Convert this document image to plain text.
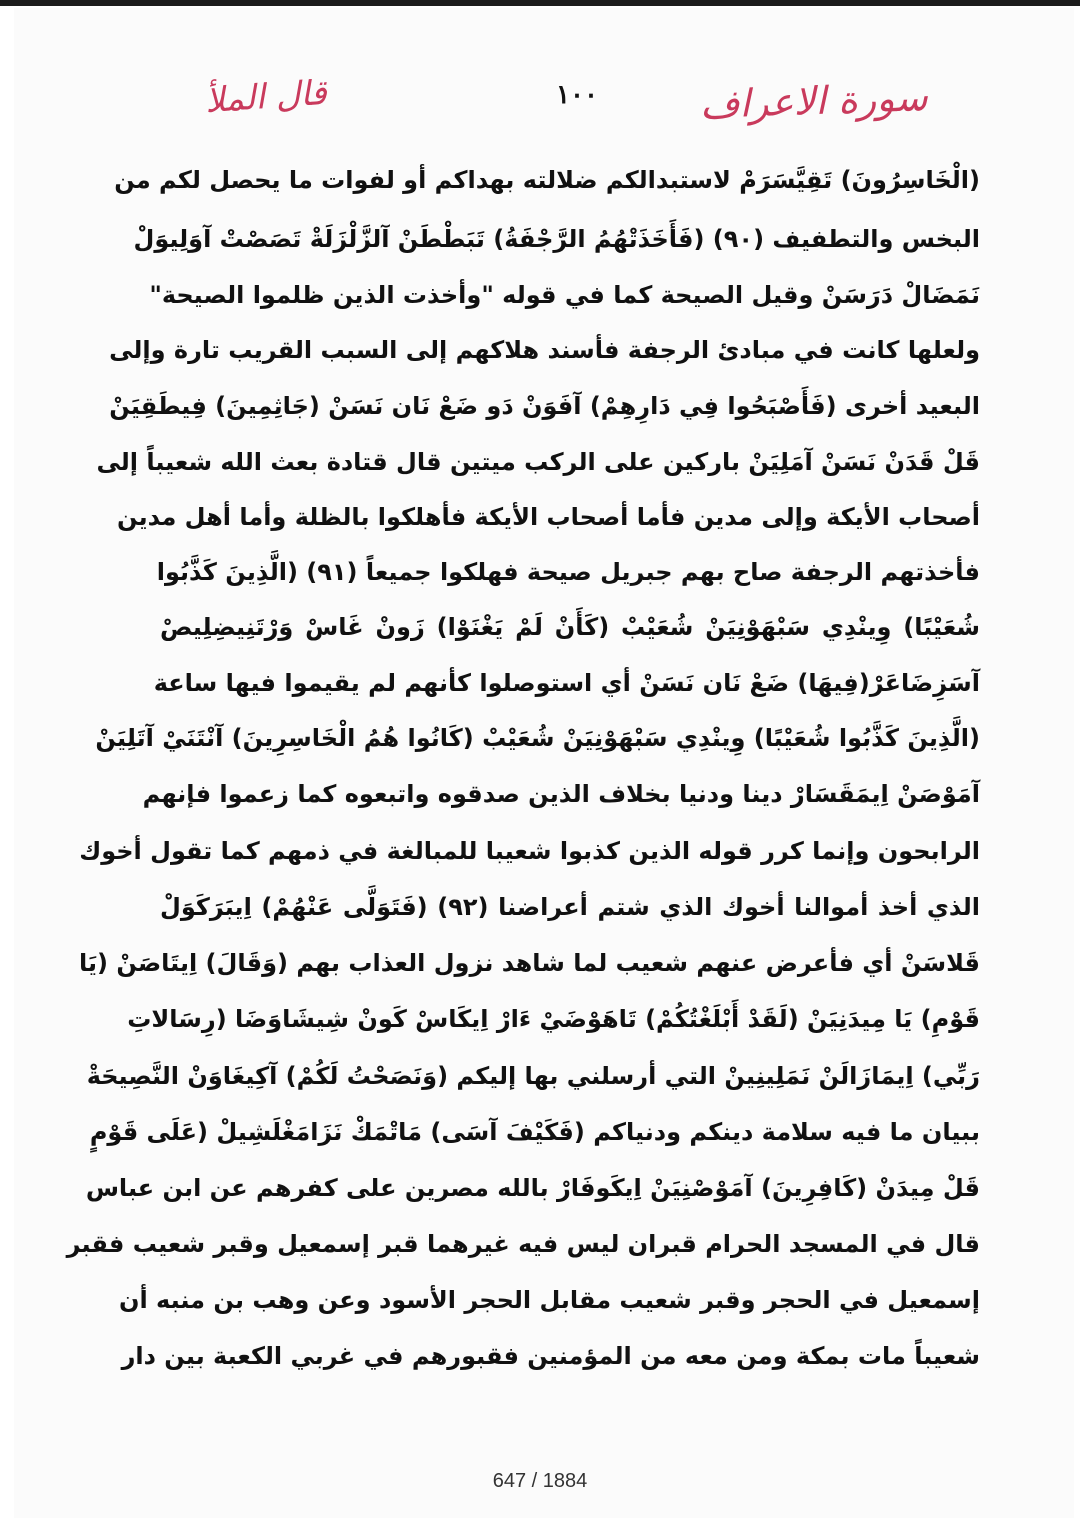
قال الملأ	١٠٠	سورة الاعراف
(الْخَاسِرُونَ) تَقِيَّسَرَمْ لاستبدالكم ضلالته بهداكم أو لفوات ما يحصل لكم من
البخس والتطفيف (٩٠) (فَأَخَذَتْهُمُ الرَّجْفَةُ) تَبَطْطَنْ آلزَّلْزَلَةْ تَصَصْتْ آوَلِيوَلْ
نَمَضَالْ دَرَسَنْ وقيل الصيحة كما في قوله "وأخذت الذين ظلموا الصيحة"
ولعلها كانت في مبادئ الرجفة فأسند هلاكهم إلى السبب القريب تارة وإلى
البعيد أخرى (فَأَصْبَحُوا فِي دَارِهِمْ) آفَوَنْ دَو ضَعْ نَان نَسَنْ (جَاثِمِينَ) فِيطَقِيَنْ
قَلْ قَدَنْ نَسَنْ آمَلِيَنْ باركين على الركب ميتين قال قتادة بعث الله شعيباً إلى
أصحاب الأيكة وإلى مدين فأما أصحاب الأيكة فأهلكوا بالظلة وأما أهل مدين
فأخذتهم الرجفة صاح بهم جبريل صيحة فهلكوا جميعاً (٩١) (الَّذِينَ كَذَّبُوا
شُعَيْبًا) وِينْدِي سَبْهَوْنِيَنْ شُعَيْبْ (كَأَنْ لَمْ يَغْنَوْا) زَونْ غَاسْ وَرْتَنِيضِلِيصْ
آسَزِضَاعَرْ(فِيهَا) ضَعْ نَان نَسَنْ أي استوصلوا كأنهم لم يقيموا فيها ساعة
(الَّذِينَ كَذَّبُوا شُعَيْبًا) وِينْدِي سَبْهَوْنِيَنْ شُعَيْبْ (كَانُوا هُمُ الْخَاسِرِينَ) آنْتَنَيْ آتَلِيَنْ
آمَوْصَنْ اِيمَقَسَارْ دينا ودنيا بخلاف الذين صدقوه واتبعوه كما زعموا فإنهم
الرابحون وإنما كرر قوله الذين كذبوا شعيبا للمبالغة في ذمهم كما تقول أخوك
الذي أخذ أموالنا أخوك الذي شتم أعراضنا (٩٢) (فَتَوَلَّى عَنْهُمْ) اِيبَرَكَوَلْ
قَلاسَنْ أي فأعرض عنهم شعيب لما شاهد نزول العذاب بهم (وَقَالَ) اِيتَاصَنْ (يَا
قَوْمِ) يَا مِيدَنِيَنْ (لَقَدْ أَبْلَغْتُكُمْ) تَاهَوْضَيْ ءَارْ اِيكَاسْ كَونْ شِيشَاوَضَا (رِسَالاتِ
رَبِّي) اِيمَازَالَنْ نَمَلِينِينْ التي أرسلني بها إليكم (وَنَصَحْتُ لَكُمْ) آكِيغَاوَنْ النَّصِيحَةْ
ببيان ما فيه سلامة دينكم ودنياكم (فَكَيْفَ آسَى) مَاتْمَكْ نَزَامَغْلَشِيلْ (عَلَى قَوْمٍ
قَلْ مِيدَنْ (كَافِرِينَ) آمَوْصْنِيَنْ اِيكَوفَارْ بالله مصرين على كفرهم عن ابن عباس
قال في المسجد الحرام قبران ليس فيه غيرهما قبر إسمعيل وقبر شعيب فقبر
إسمعيل في الحجر وقبر شعيب مقابل الحجر الأسود وعن وهب بن منبه أن
شعيباً مات بمكة ومن معه من المؤمنين فقبورهم في غربي الكعبة بين دار
647 / 1884
